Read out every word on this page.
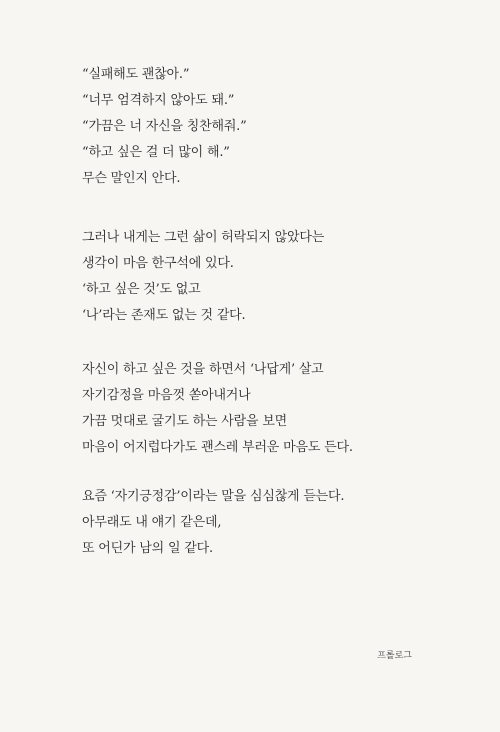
“실패해도 괜찮아.”
“너무 엄격하지 않아도 돼.”
“가끔은 너 자신을 칭찬해줘.”
“하고 싶은 걸 더 많이 해.”
무슨 말인지 안다.
그러나 내게는 그런 삶이 허락되지 않았다는
생각이 마음 한구석에 있다.
‘하고 싶은 것’도 없고
‘나’라는 존재도 없는 것 같다.
자신이 하고 싶은 것을 하면서 ‘나답게’ 살고
자기감정을 마음껏 쏟아내거나
가끔 멋대로 굴기도 하는 사람을 보면
마음이 어지럽다가도 괜스레 부러운 마음도 든다.
요즘 ‘자기긍정감’이라는 말을 심심찮게 듣는다.
아무래도 내 얘기 같은데,
또 어딘가 남의 일 같다.
프롤로그
